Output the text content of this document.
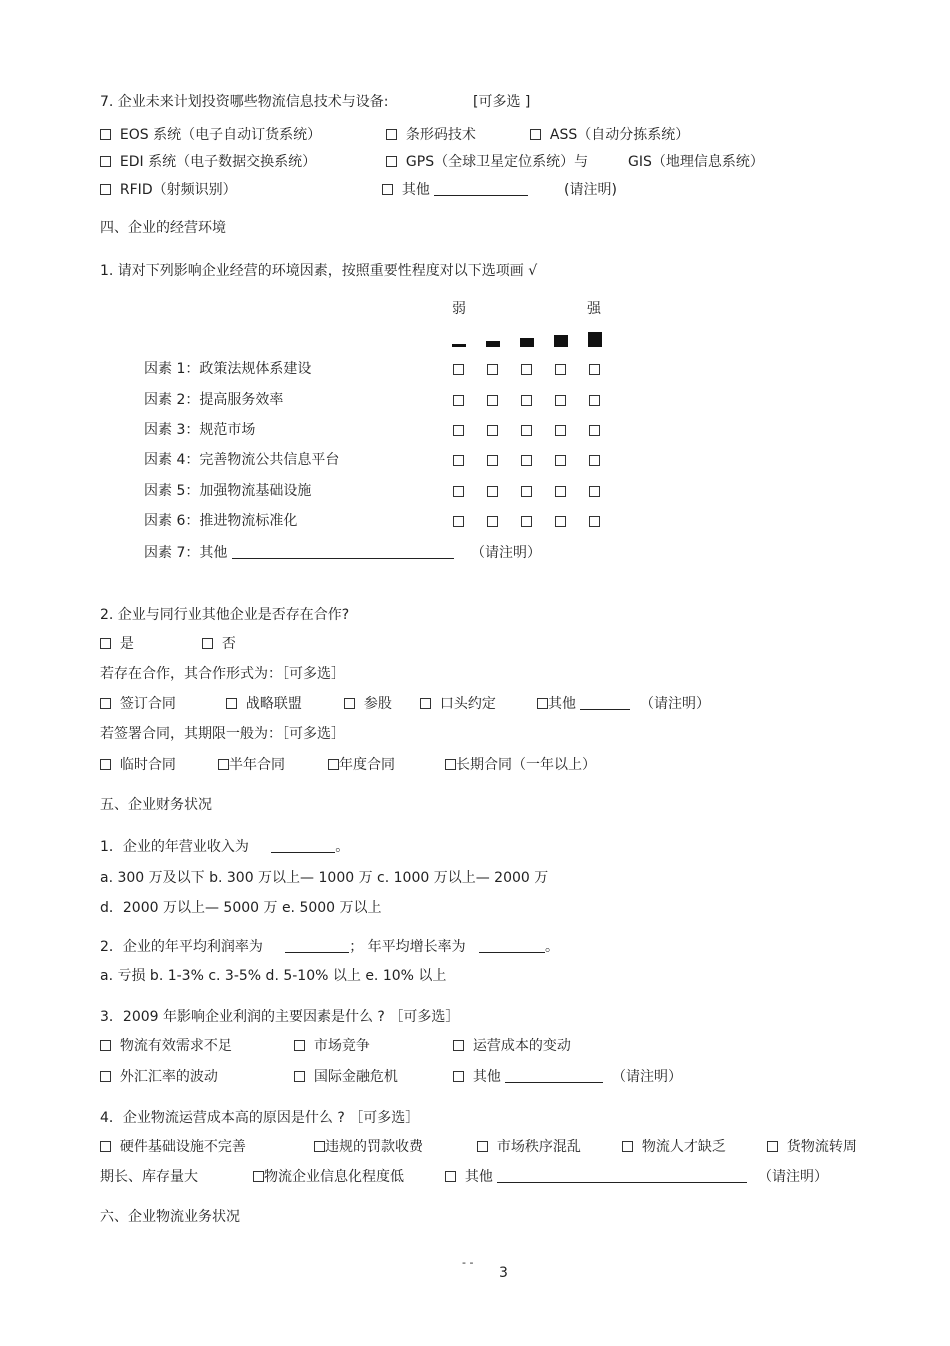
7. 企业未来计划投资哪些物流信息技术与设备:	[可多选 ]
EOS 系统（电子自动订货系统）	条形码技术	ASS（自动分拣系统）
EDI 系统（电子数据交换系统）	GPS（全球卫星定位系统）与	GIS（地理信息系统）
RFID（射频识别）	其他	(请注明)
四、企业的经营环境
1. 请对下列影响企业经营的环境因素，按照重要性程度对以下选项画 √
弱	强
因素 1：政策法规体系建设
因素 2：提高服务效率
因素 3：规范市场
因素 4：完善物流公共信息平台
因素 5：加强物流基础设施
因素 6：推进物流标准化
因素 7：其他	（请注明）
2. 企业与同行业其他企业是否存在合作?
是	否
若存在合作，其合作形式为：［可多选］
签订合同	战略联盟	参股	口头约定	其他	（请注明）
若签署合同，其期限一般为：［可多选］
临时合同	半年合同	年度合同	长期合同（一年以上）
五、企业财务状况
1．企业的年营业收入为	。
a. 300 万及以下 b. 300 万以上— 1000 万 c. 1000 万以上— 2000 万
d．2000 万以上— 5000 万 e. 5000 万以上
2．企业的年平均利润率为	； 年平均增长率为	。
a. 亏损 b. 1-3% c. 3-5% d. 5-10% 以上 e. 10% 以上
3．2009 年影响企业利润的主要因素是什么 ? ［可多选］
物流有效需求不足	市场竞争	运营成本的变动
外汇汇率的波动	国际金融危机	其他	（请注明）
4．企业物流运营成本高的原因是什么 ? ［可多选］
硬件基础设施不完善	违规的罚款收费	市场秩序混乱	物流人才缺乏	货物流转周
期长、库存量大	物流企业信息化程度低	其他	（请注明）
六、企业物流业务状况
- -
3
